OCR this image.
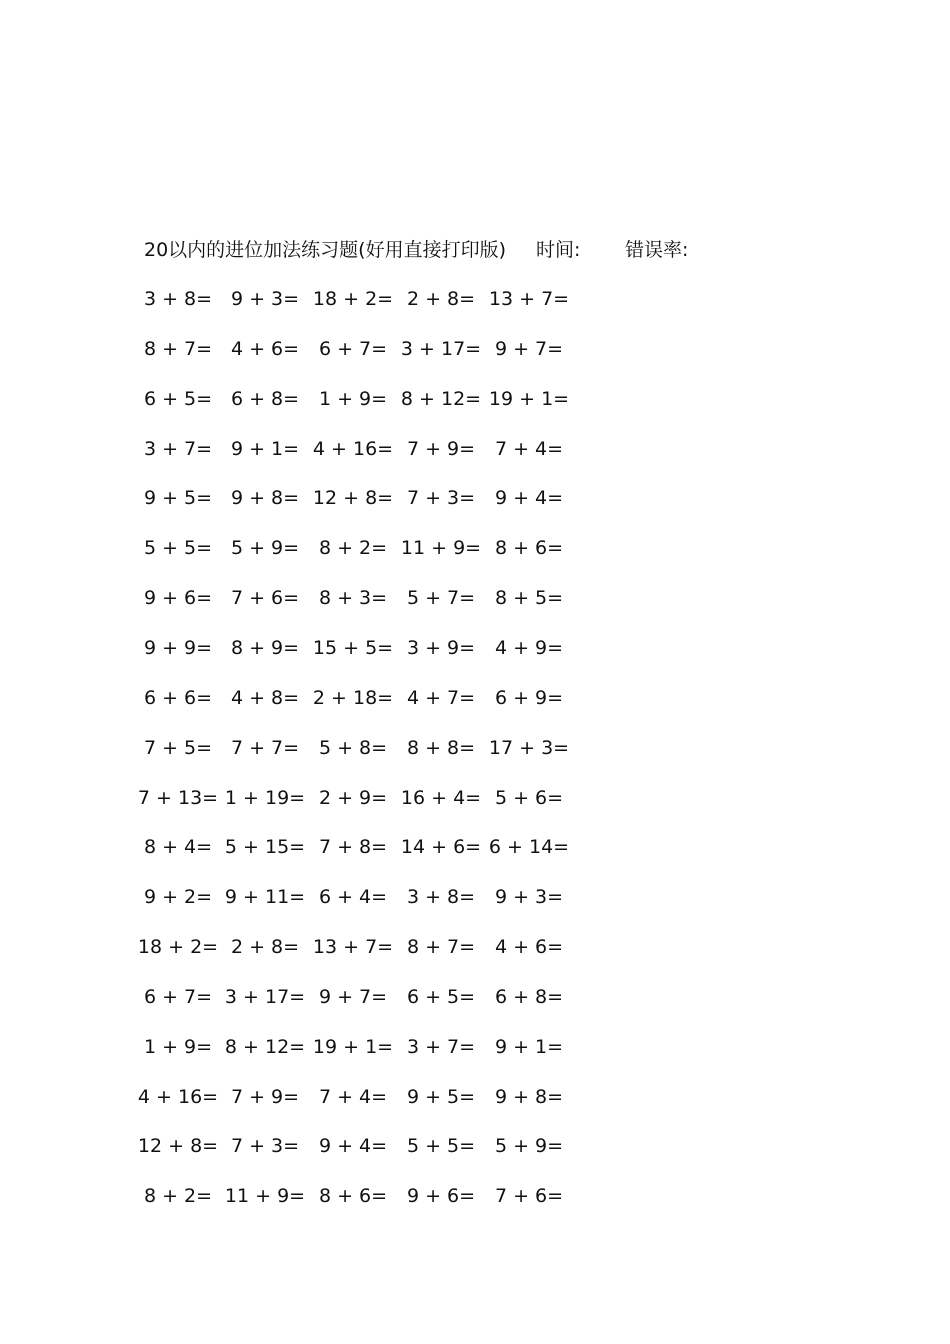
20以内的进位加法练习题(好用直接打印版) 时间: 错误率:
3 + 8= 9 + 3= 18 + 2= 2 + 8= 13 + 7=
8 + 7= 4 + 6=	6 + 7= 3 + 17= 9 + 7=
6 + 5= 6 + 8=	1 + 9= 8 + 12= 19 + 1=
3 + 7= 9 + 1= 4 + 16= 7 + 9=	7 + 4=
9 + 5= 9 + 8= 12 + 8= 7 + 3=	9 + 4=
5 + 5= 5 + 9=	8 + 2= 11 + 9= 8 + 6=
9 + 6= 7 + 6=	8 + 3=	5 + 7=	8 + 5=
9 + 9= 8 + 9= 15 + 5= 3 + 9=	4 + 9=
6 + 6= 4 + 8= 2 + 18= 4 + 7=	6 + 9=
7 + 5= 7 + 7=	5 + 8=	8 + 8= 17 + 3=
7 + 13= 1 + 19= 2 + 9= 16 + 4= 5 + 6=
8 + 4= 5 + 15= 7 + 8= 14 + 6= 6 + 14=
9 + 2= 9 + 11= 6 + 4=	3 + 8=	9 + 3=
18 + 2= 2 + 8= 13 + 7= 8 + 7=	4 + 6=
6 + 7= 3 + 17= 9 + 7=	6 + 5=	6 + 8=
1 + 9= 8 + 12= 19 + 1= 3 + 7=	9 + 1=
4 + 16= 7 + 9=	7 + 4=	9 + 5=	9 + 8=
12 + 8= 7 + 3=	9 + 4=	5 + 5=	5 + 9=
8 + 2= 11 + 9= 8 + 6=	9 + 6=	7 + 6=
